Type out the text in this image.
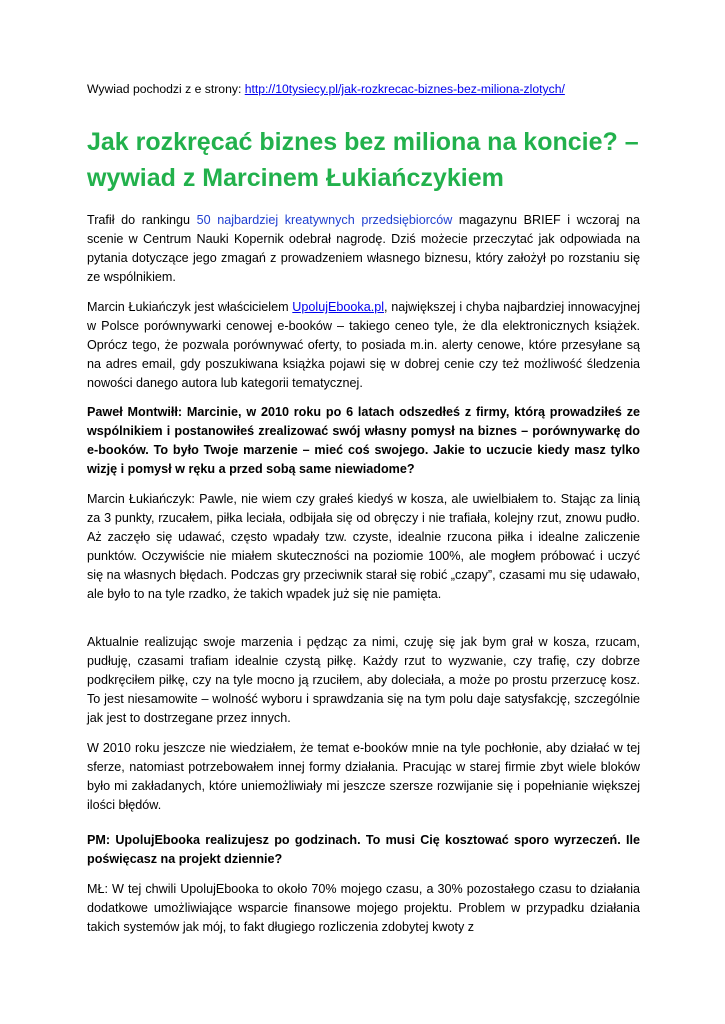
Wywiad pochodzi z e strony: http://10tysiecy.pl/jak-rozkrecac-biznes-bez-miliona-zlotych/
Jak rozkręcać biznes bez miliona na koncie? – wywiad z Marcinem Łukiańczykiem

Trafił do rankingu 50 najbardziej kreatywnych przedsiębiorców magazynu BRIEF i wczoraj na scenie w Centrum Nauki Kopernik odebrał nagrodę. Dziś możecie przeczytać jak odpowiada na pytania dotyczące jego zmagań z prowadzeniem własnego biznesu, który założył po rozstaniu się ze wspólnikiem.

Marcin Łukiańczyk jest właścicielem UpolujEbooka.pl, największej i chyba najbardziej innowacyjnej w Polsce porównywarki cenowej e-booków – takiego ceneo tyle, że dla elektronicznych książek. Oprócz tego, że pozwala porównywać oferty, to posiada m.in. alerty cenowe, które przesyłane są na adres email, gdy poszukiwana książka pojawi się w dobrej cenie czy też możliwość śledzenia nowości danego autora lub kategorii tematycznej.

Paweł Montwiłł: Marcinie, w 2010 roku po 6 latach odszedłeś z firmy, którą prowadziłeś ze wspólnikiem i postanowiłeś zrealizować swój własny pomysł na biznes – porównywarkę do e-booków. To było Twoje marzenie – mieć coś swojego. Jakie to uczucie kiedy masz tylko wizję i pomysł w ręku a przed sobą same niewiadome?

Marcin Łukiańczyk: Pawle, nie wiem czy grałeś kiedyś w kosza, ale uwielbiałem to. Stając za linią za 3 punkty, rzucałem, piłka leciała, odbijała się od obręczy i nie trafiała, kolejny rzut, znowu pudło. Aż zaczęło się udawać, często wpadały tzw. czyste, idealnie rzucona piłka i idealne zaliczenie punktów. Oczywiście nie miałem skuteczności na poziomie 100%, ale mogłem próbować i uczyć się na własnych błędach. Podczas gry przeciwnik starał się robić „czapy”, czasami mu się udawało, ale było to na tyle rzadko, że takich wpadek już się nie pamięta.

Aktualnie realizując swoje marzenia i pędząc za nimi, czuję się jak bym grał w kosza, rzucam, pudłuję, czasami trafiam idealnie czystą piłkę. Każdy rzut to wyzwanie, czy trafię, czy dobrze podkręciłem piłkę, czy na tyle mocno ją rzuciłem, aby doleciała, a może po prostu przerzucę kosz. To jest niesamowite – wolność wyboru i sprawdzania się na tym polu daje satysfakcję, szczególnie jak jest to dostrzegane przez innych.

W 2010 roku jeszcze nie wiedziałem, że temat e-booków mnie na tyle pochłonie, aby działać w tej sferze, natomiast potrzebowałem innej formy działania. Pracując w starej firmie zbyt wiele bloków było mi zakładanych, które uniemożliwiały mi jeszcze szersze rozwijanie się i popełnianie większej ilości błędów.

PM: UpolujEbooka realizujesz po godzinach. To musi Cię kosztować sporo wyrzeczeń. Ile poświęcasz na projekt dziennie?

MŁ: W tej chwili UpolujEbooka to około 70% mojego czasu, a 30% pozostałego czasu to działania dodatkowe umożliwiające wsparcie finansowe mojego projektu. Problem w przypadku działania takich systemów jak mój, to fakt długiego rozliczenia zdobytej kwoty z
